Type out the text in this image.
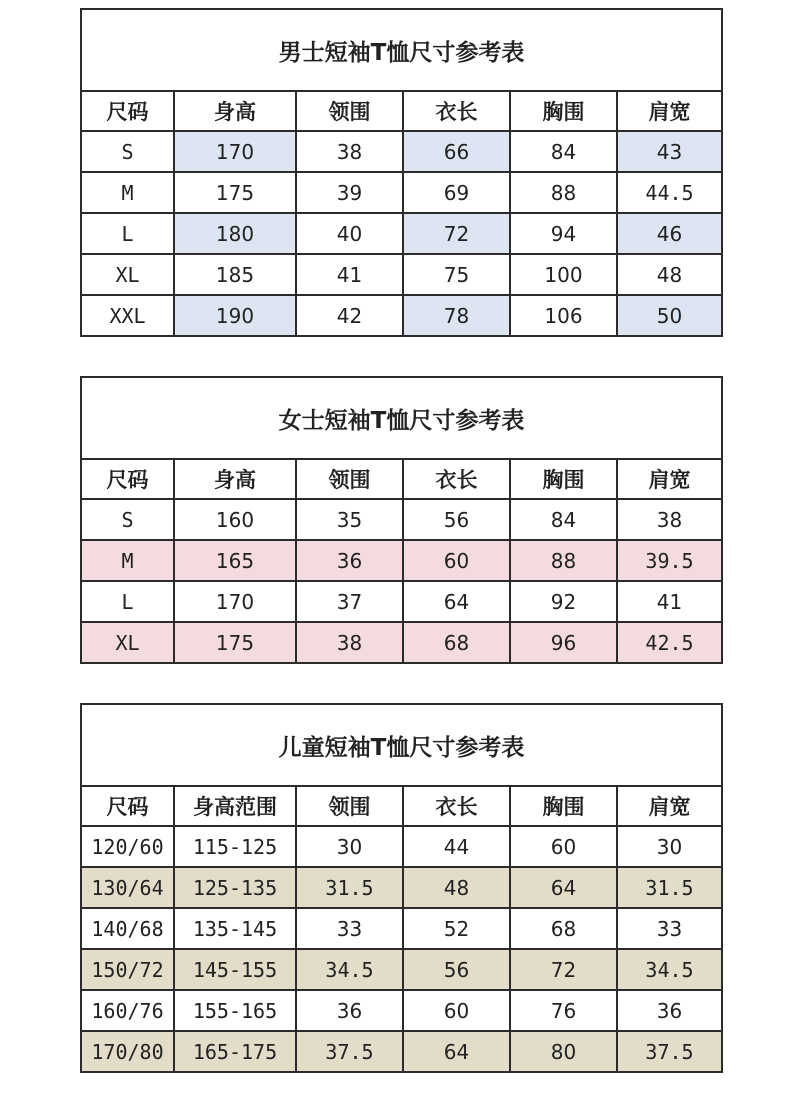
男士短袖T恤尺寸参考表
尺码	身高	领围	衣长	胸围	肩宽
S	170	38	66	84	43
M	175	39	69	88	44.5
L	180	40	72	94	46
XL	185	41	75	100	48
XXL	190	42	78	106	50
女士短袖T恤尺寸参考表
尺码	身高	领围	衣长	胸围	肩宽
S	160	35	56	84	38
M	165	36	60	88	39.5
L	170	37	64	92	41
XL	175	38	68	96	42.5
儿童短袖T恤尺寸参考表
尺码	身高范围	领围	衣长	胸围	肩宽
120/60	115-125	30	44	60	30
130/64	125-135	31.5	48	64	31.5
140/68	135-145	33	52	68	33
150/72	145-155	34.5	56	72	34.5
160/76	155-165	36	60	76	36
170/80	165-175	37.5	64	80	37.5
